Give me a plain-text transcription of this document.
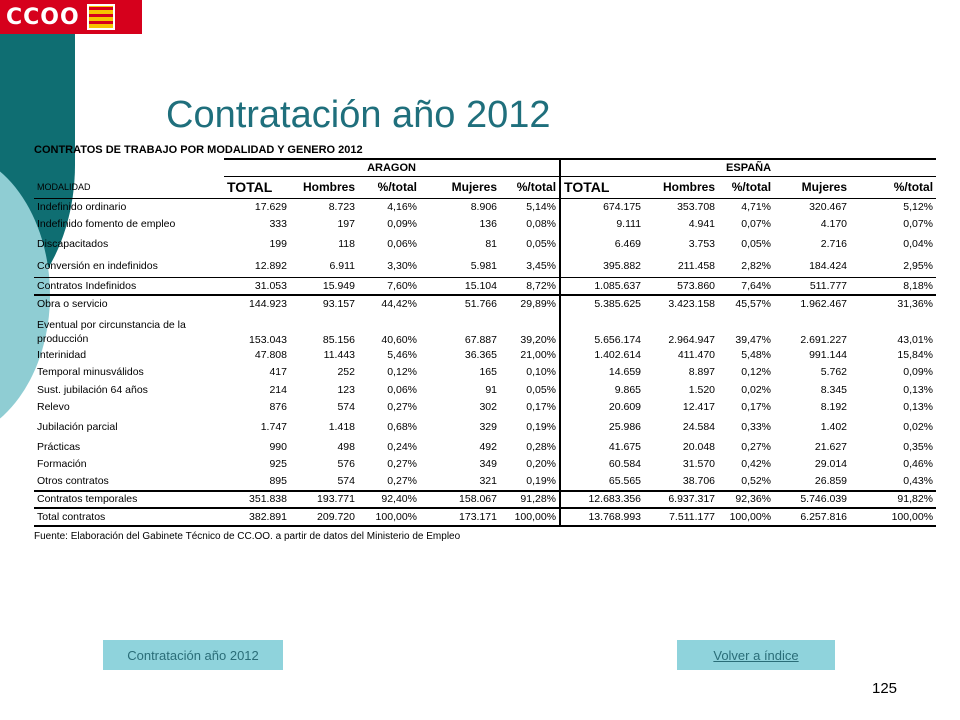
CCOO
Contratación año 2012
CONTRATOS DE TRABAJO POR MODALIDAD Y GENERO 2012
	ARAGON					ESPAÑA				
MODALIDAD	TOTAL	Hombres	%/total	Mujeres	%/total	TOTAL	Hombres	%/total	Mujeres	%/total
Indefinido ordinario	17.629	8.723	4,16%	8.906	5,14%	674.175	353.708	4,71%	320.467	5,12%
Indefinido fomento de empleo	333	197	0,09%	136	0,08%	9.111	4.941	0,07%	4.170	0,07%
Discapacitados	199	118	0,06%	81	0,05%	6.469	3.753	0,05%	2.716	0,04%
Conversión en indefinidos	12.892	6.911	3,30%	5.981	3,45%	395.882	211.458	2,82%	184.424	2,95%
Contratos Indefinidos	31.053	15.949	7,60%	15.104	8,72%	1.085.637	573.860	7,64%	511.777	8,18%
Obra o servicio	144.923	93.157	44,42%	51.766	29,89%	5.385.625	3.423.158	45,57%	1.962.467	31,36%
Eventual por circunstancia de la producción	153.043	85.156	40,60%	67.887	39,20%	5.656.174	2.964.947	39,47%	2.691.227	43,01%
Interinidad	47.808	11.443	5,46%	36.365	21,00%	1.402.614	411.470	5,48%	991.144	15,84%
Temporal minusválidos	417	252	0,12%	165	0,10%	14.659	8.897	0,12%	5.762	0,09%
Sust. jubilación 64 años	214	123	0,06%	91	0,05%	9.865	1.520	0,02%	8.345	0,13%
Relevo	876	574	0,27%	302	0,17%	20.609	12.417	0,17%	8.192	0,13%
Jubilación parcial	1.747	1.418	0,68%	329	0,19%	25.986	24.584	0,33%	1.402	0,02%
Prácticas	990	498	0,24%	492	0,28%	41.675	20.048	0,27%	21.627	0,35%
Formación	925	576	0,27%	349	0,20%	60.584	31.570	0,42%	29.014	0,46%
Otros contratos	895	574	0,27%	321	0,19%	65.565	38.706	0,52%	26.859	0,43%
Contratos temporales	351.838	193.771	92,40%	158.067	91,28%	12.683.356	6.937.317	92,36%	5.746.039	91,82%
Total contratos	382.891	209.720	100,00%	173.171	100,00%	13.768.993	7.511.177	100,00%	6.257.816	100,00%
Fuente: Elaboración del Gabinete Técnico de CC.OO. a partir de datos del Ministerio de Empleo
Contratación año 2012	Volver a índice
125
